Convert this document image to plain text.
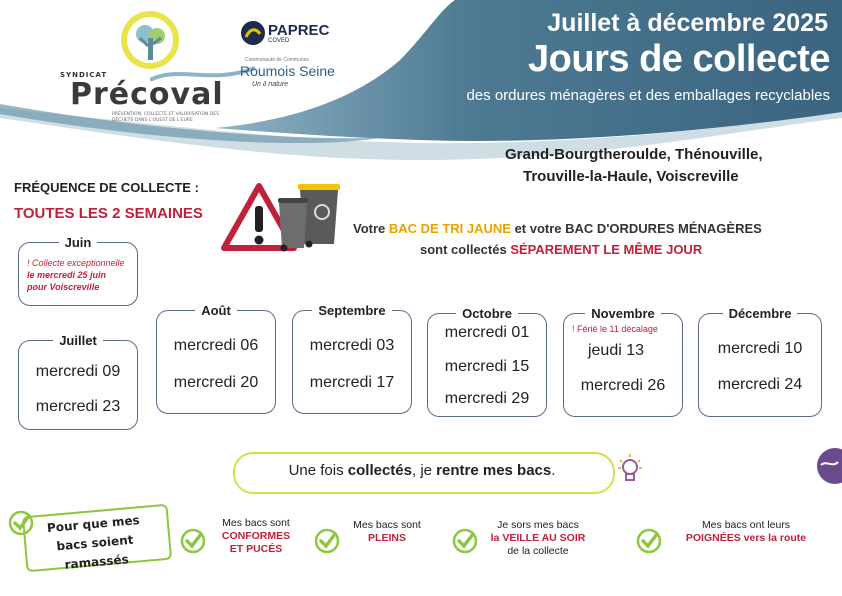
SYNDICAT
Précoval
PRÉVENTION, COLLECTE ET VALORISATION DES DÉCHETS DANS L'OUEST DE L'EURE
PAPREC
COVED
Communauté de Communes
Roumois Seine
Un ∂ nature
Juillet à décembre 2025
Jours de collecte
des ordures ménagères et des emballages recyclables
Grand-Bourgtheroulde, Thénouville,
Trouville-la-Haule, Voiscreville
FRÉQUENCE DE COLLECTE :
TOUTES LES 2 SEMAINES
Votre BAC DE TRI JAUNE et votre BAC D'ORDURES MÉNAGÈRES
sont collectés SÉPAREMENT LE MÊME JOUR
Juin
! Collecte exceptionnelle
le mercredi 25 juin
pour Voiscreville
Juillet
mercredi 09
mercredi 23
Août
mercredi 06
mercredi 20
Septembre
mercredi 03
mercredi 17
Octobre
mercredi 01
mercredi 15
mercredi 29
Novembre
! Férié le 11 décalage
jeudi 13
mercredi 26
Décembre
mercredi 10
mercredi 24
Une fois collectés, je rentre mes bacs.
Pour que mes
bacs soient ramassés
Mes bacs sont
CONFORMES
ET PUCÉS
Mes bacs sont
PLEINS
Je sors mes bacs
la VEILLE AU SOIR
de la collecte
Mes bacs ont leurs
POIGNÉES vers la route
